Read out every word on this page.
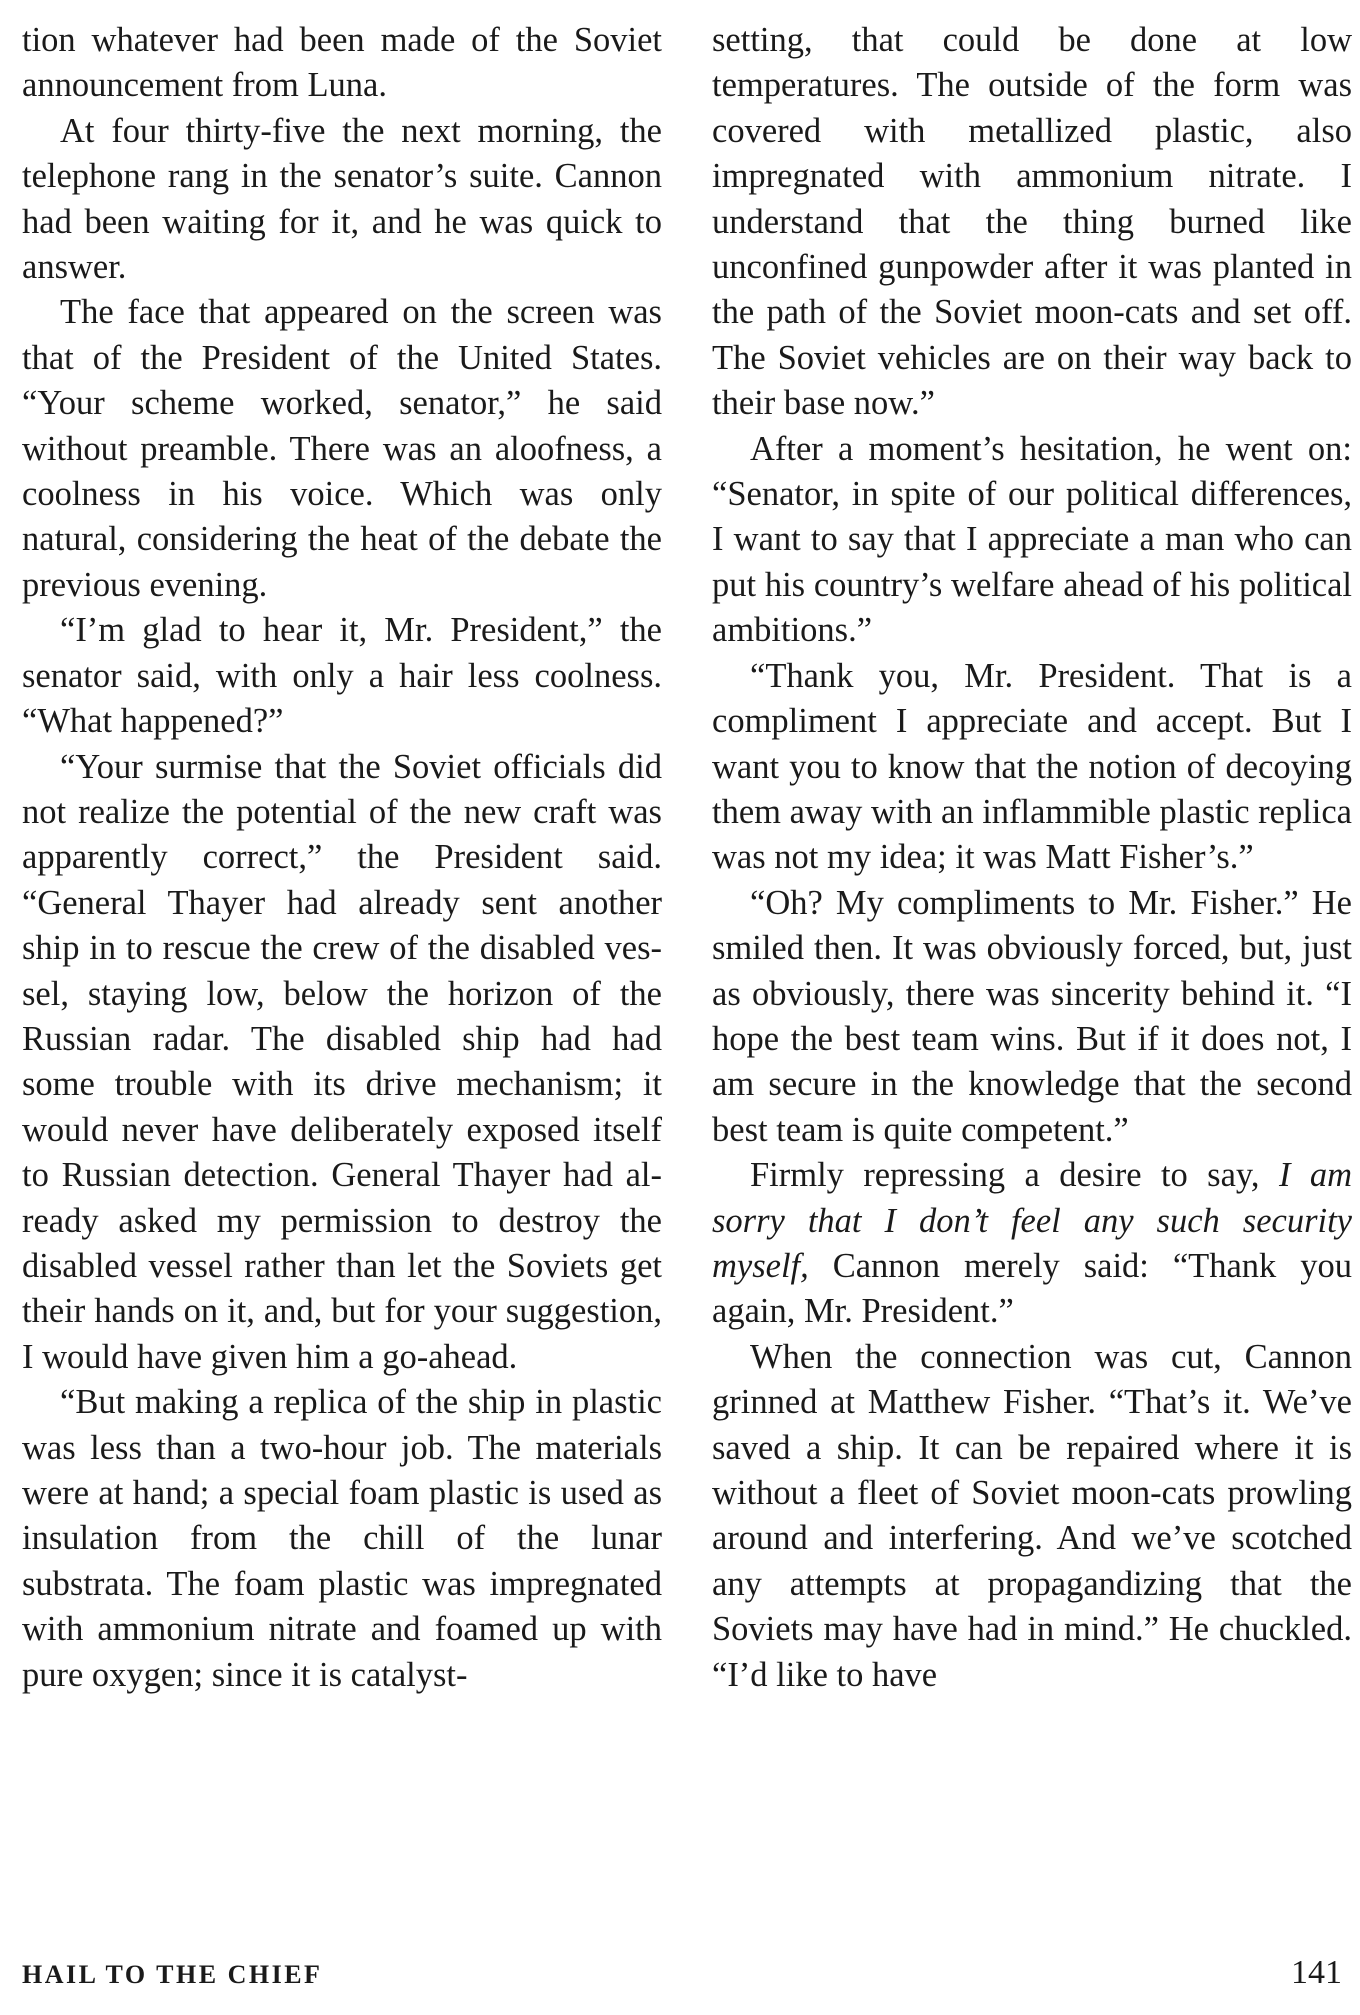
tion whatever had been made of the Soviet announcement from Luna.

At four thirty-five the next morning, the telephone rang in the senator’s suite. Cannon had been waiting for it, and he was quick to answer.

The face that appeared on the screen was that of the President of the United States. “Your scheme worked, senator,” he said without preamble. There was an aloofness, a coolness in his voice. Which was only natural, considering the heat of the debate the previous evening.

“I’m glad to hear it, Mr. President,” the senator said, with only a hair less coolness. “What happened?”

“Your surmise that the Soviet officials did not realize the potential of the new craft was apparently correct,” the President said. “General Thayer had already sent another ship in to rescue the crew of the disabled vessel, staying low, below the horizon of the Russian radar. The disabled ship had had some trouble with its drive mechanism; it would never have deliberately exposed itself to Russian detection. General Thayer had already asked my permission to destroy the disabled vessel rather than let the Soviets get their hands on it, and, but for your suggestion, I would have given him a go-ahead.

“But making a replica of the ship in plastic was less than a two-hour job. The materials were at hand; a special foam plastic is used as insulation from the chill of the lunar substrata. The foam plastic was impregnated with ammonium nitrate and foamed up with pure oxygen; since it is catalyst-

setting, that could be done at low temperatures. The outside of the form was covered with metallized plastic, also impregnated with ammonium nitrate. I understand that the thing burned like unconfined gunpowder after it was planted in the path of the Soviet moon-cats and set off. The Soviet vehicles are on their way back to their base now.”

After a moment’s hesitation, he went on: “Senator, in spite of our political differences, I want to say that I appreciate a man who can put his country’s welfare ahead of his political ambitions.”

“Thank you, Mr. President. That is a compliment I appreciate and accept. But I want you to know that the notion of decoying them away with an inflammible plastic replica was not my idea; it was Matt Fisher’s.”

“Oh? My compliments to Mr. Fisher.” He smiled then. It was obviously forced, but, just as obviously, there was sincerity behind it. “I hope the best team wins. But if it does not, I am secure in the knowledge that the second best team is quite competent.”

Firmly repressing a desire to say, I am sorry that I don’t feel any such security myself, Cannon merely said: “Thank you again, Mr. President.”

When the connection was cut, Cannon grinned at Matthew Fisher. “That’s it. We’ve saved a ship. It can be repaired where it is without a fleet of Soviet moon-cats prowling around and interfering. And we’ve scotched any attempts at propagandizing that the Soviets may have had in mind.” He chuckled. “I’d like to have

HAIL TO THE CHIEF	141
